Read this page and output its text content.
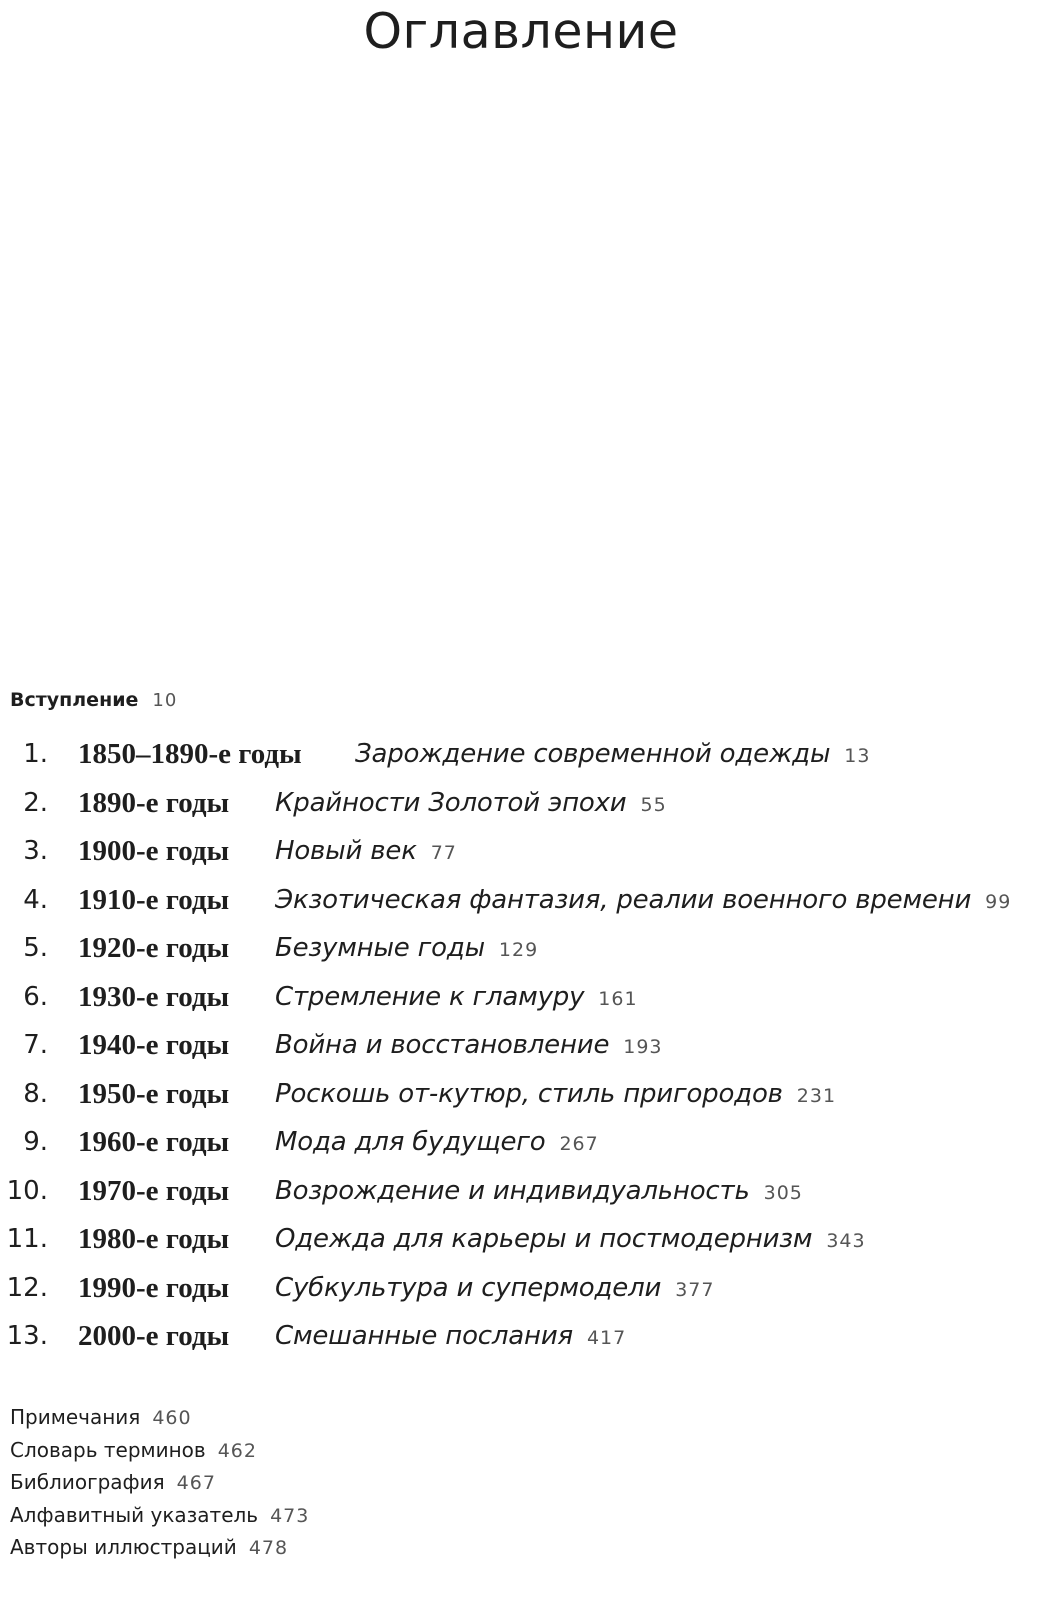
Оглавление
Вступление 10
1. 1850–1890-е годы Зарождение современной одежды 13
2. 1890-е годы Крайности Золотой эпохи 55
3. 1900-е годы Новый век 77
4. 1910-е годы Экзотическая фантазия, реалии военного времени 99
5. 1920-е годы Безумные годы 129
6. 1930-е годы Стремление к гламуру 161
7. 1940-е годы Война и восстановление 193
8. 1950-е годы Роскошь от-кутюр, стиль пригородов 231
9. 1960-е годы Мода для будущего 267
10. 1970-е годы Возрождение и индивидуальность 305
11. 1980-е годы Одежда для карьеры и постмодернизм 343
12. 1990-е годы Субкультура и супермодели 377
13. 2000-е годы Смешанные послания 417
Примечания 460
Словарь терминов 462
Библиография 467
Алфавитный указатель 473
Авторы иллюстраций 478
